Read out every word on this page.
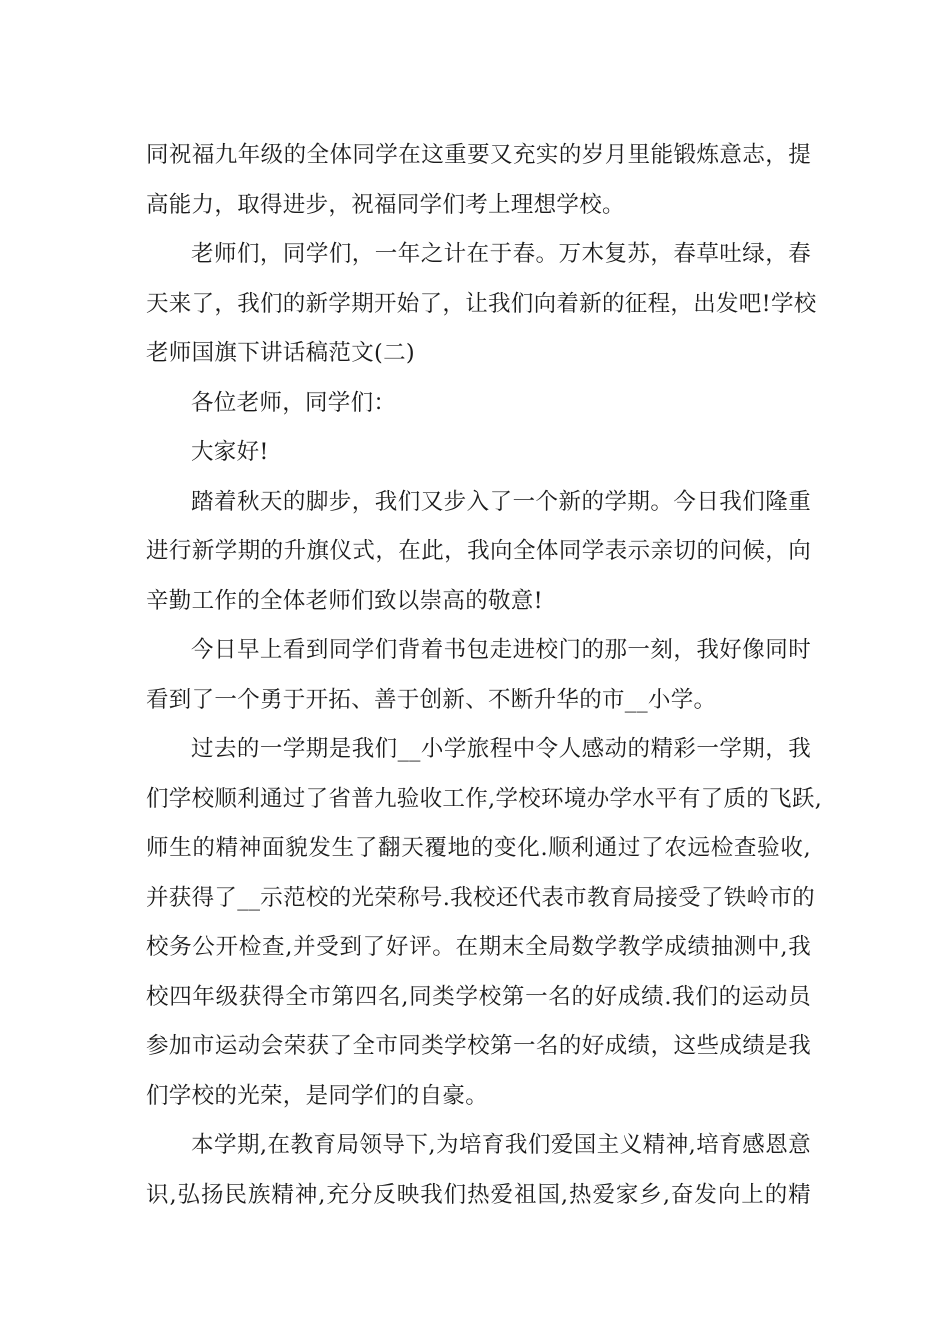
同祝福九年级的全体同学在这重要又充实的岁月里能锻炼意志，提
高能力，取得进步，祝福同学们考上理想学校。
老师们，同学们，一年之计在于春。万木复苏，春草吐绿，春
天来了，我们的新学期开始了，让我们向着新的征程，出发吧!学校
老师国旗下讲话稿范文(二)
各位老师，同学们：
大家好!
踏着秋天的脚步，我们又步入了一个新的学期。今日我们隆重
进行新学期的升旗仪式，在此，我向全体同学表示亲切的问候，向
辛勤工作的全体老师们致以崇高的敬意!
今日早上看到同学们背着书包走进校门的那一刻，我好像同时
看到了一个勇于开拓、善于创新、不断升华的市__小学。
过去的一学期是我们__小学旅程中令人感动的精彩一学期，我
们学校顺利通过了省普九验收工作,学校环境办学水平有了质的飞跃,
师生的精神面貌发生了翻天覆地的变化.顺利通过了农远检查验收,
并获得了__示范校的光荣称号.我校还代表市教育局接受了铁岭市的
校务公开检查,并受到了好评。在期末全局数学教学成绩抽测中,我
校四年级获得全市第四名,同类学校第一名的好成绩.我们的运动员
参加市运动会荣获了全市同类学校第一名的好成绩，这些成绩是我
们学校的光荣，是同学们的自豪。
本学期,在教育局领导下,为培育我们爱国主义精神,培育感恩意
识,弘扬民族精神,充分反映我们热爱祖国,热爱家乡,奋发向上的精
